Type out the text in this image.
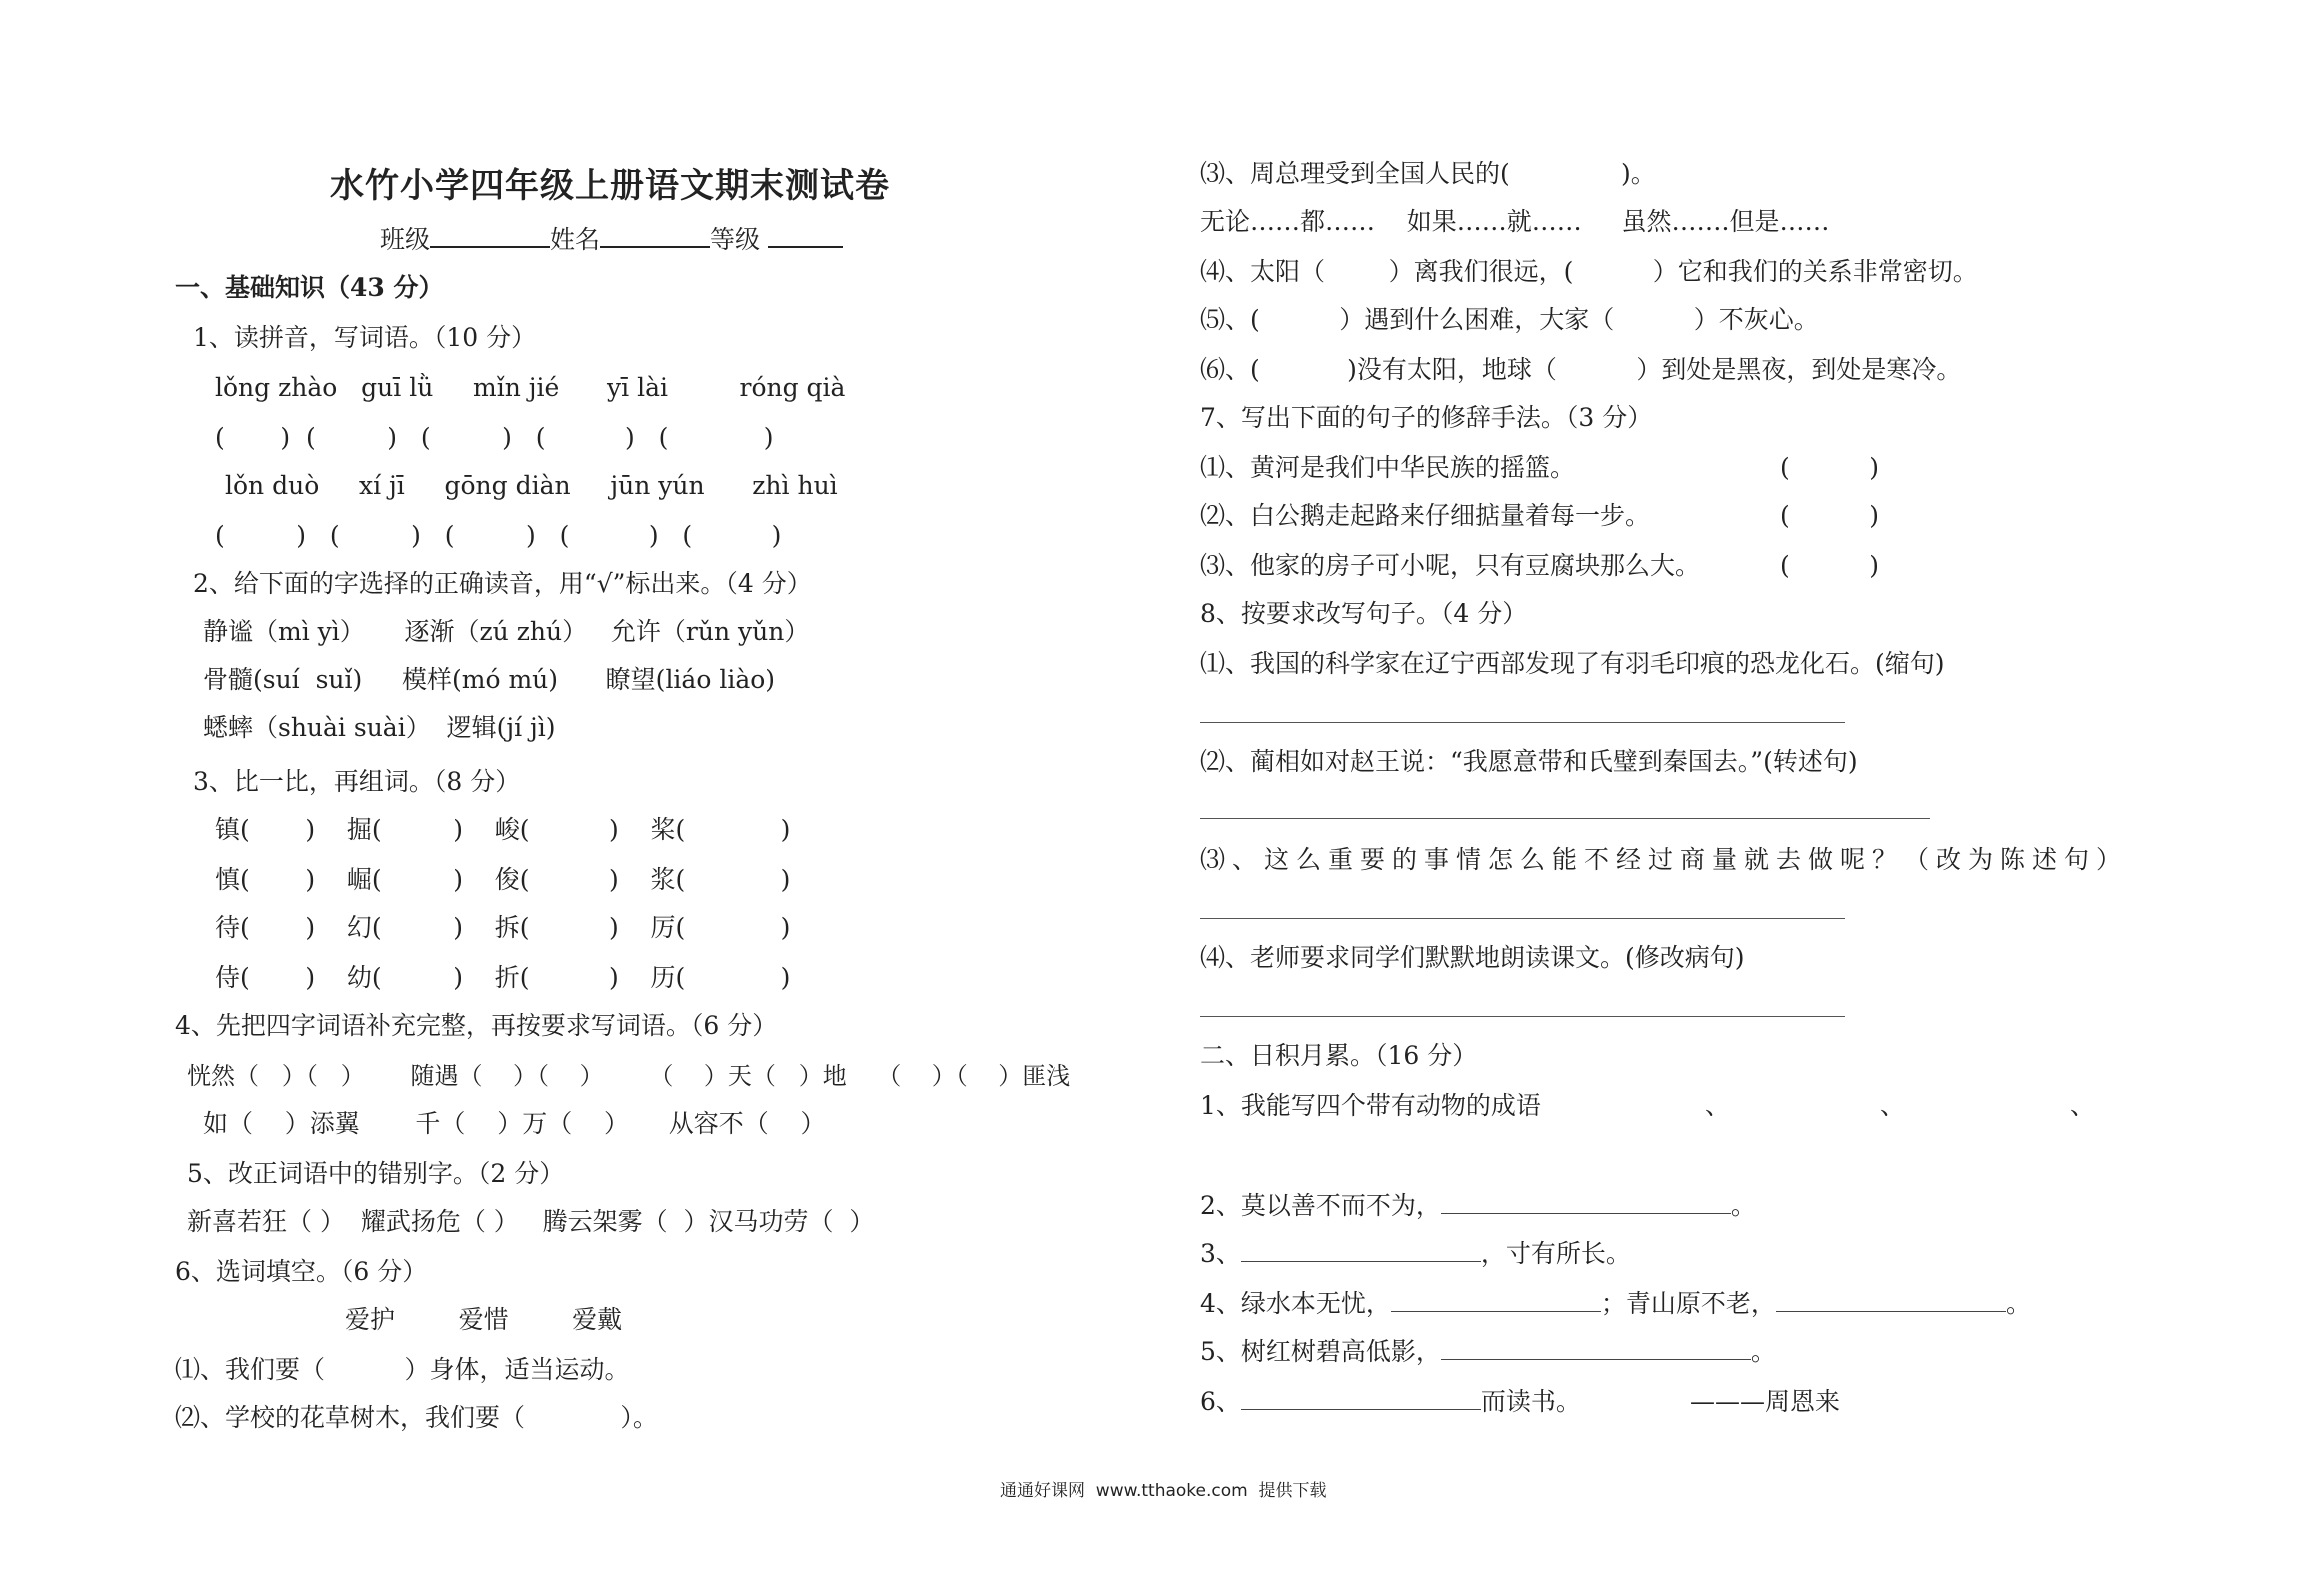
水竹小学四年级上册语文期末测试卷
班级	姓名	等级
一、基础知识（43 分）
1、读拼音，写词语。（10 分）
lǒng zhào   guī lǜ     mǐn jié      yī lài         róng qià
(       )  (         )   (         )   (          )   (            )
lǒn duò     xí jī     gōng diàn     jūn yún      zhì huì
(         )   (         )   (         )   (          )   (          )
2、给下面的字选择的正确读音，用“√”标出来。（4 分）
静谧（mì yì）     逐渐（zú zhú）   允许（rǔn yǔn）
骨髓(suí  suǐ)     模样(mó mú)      瞭望(liáo liào)
蟋蟀（shuài suài）  逻辑(jí jì)
3、比一比，再组词。（8 分）
镇(       )    掘(         )    峻(          )    桨(            )
慎(       )    崛(         )    俊(          )    浆(            )
待(       )    幻(         )    拆(          )    厉(            )
侍(       )    幼(         )    折(          )    历(            )
4、先把四字词语补充完整，再按要求写词语。（6 分）
恍然（   ）（   ）      随遇（    ）（    ）      （    ）天（   ）地    （    ）（    ）匪浅
如（    ）添翼       千（    ）万（    ）     从容不（    ）
5、改正词语中的错别字。（2 分）
新喜若狂（ ）  耀武扬危（ ）   腾云架雾（  ）汉马功劳（  ）
6、选词填空。（6 分）
爱护        爱惜        爱戴
⑴、我们要（          ）身体，适当运动。
⑵、学校的花草树木，我们要（            ）。
⑶、周总理受到全国人民的(              )。
无论……都……    如果……就……     虽然…….但是……
⑷、太阳（        ）离我们很远，(          ）它和我们的关系非常密切。
⑸、(          ）遇到什么困难，大家（          ）不灰心。
⑹、(           )没有太阳，地球（          ）到处是黑夜，到处是寒冷。
7、写出下面的句子的修辞手法。（3 分）
⑴、黄河是我们中华民族的摇篮。	(          )
⑵、白公鹅走起路来仔细掂量着每一步。	(          )
⑶、他家的房子可小呢，只有豆腐块那么大。	(          )
8、按要求改写句子。（4 分）
⑴、我国的科学家在辽宁西部发现了有羽毛印痕的恐龙化石。(缩句)
⑵、蔺相如对赵王说：“我愿意带和氏璧到秦国去。”(转述句)
⑶、这么重要的事情怎么能不经过商量就去做呢？（改为陈述句）
⑷、老师要求同学们默默地朗读课文。(修改病句)
二、日积月累。（16 分）
1、我能写四个带有动物的成语	、	、	、
2、莫以善不而不为，	。
3、	，寸有所长。
4、绿水本无忧，	；青山原不老，	。
5、树红树碧高低影，	。
6、	而读书。	———周恩来
通通好课网  www.tthaoke.com  提供下载
